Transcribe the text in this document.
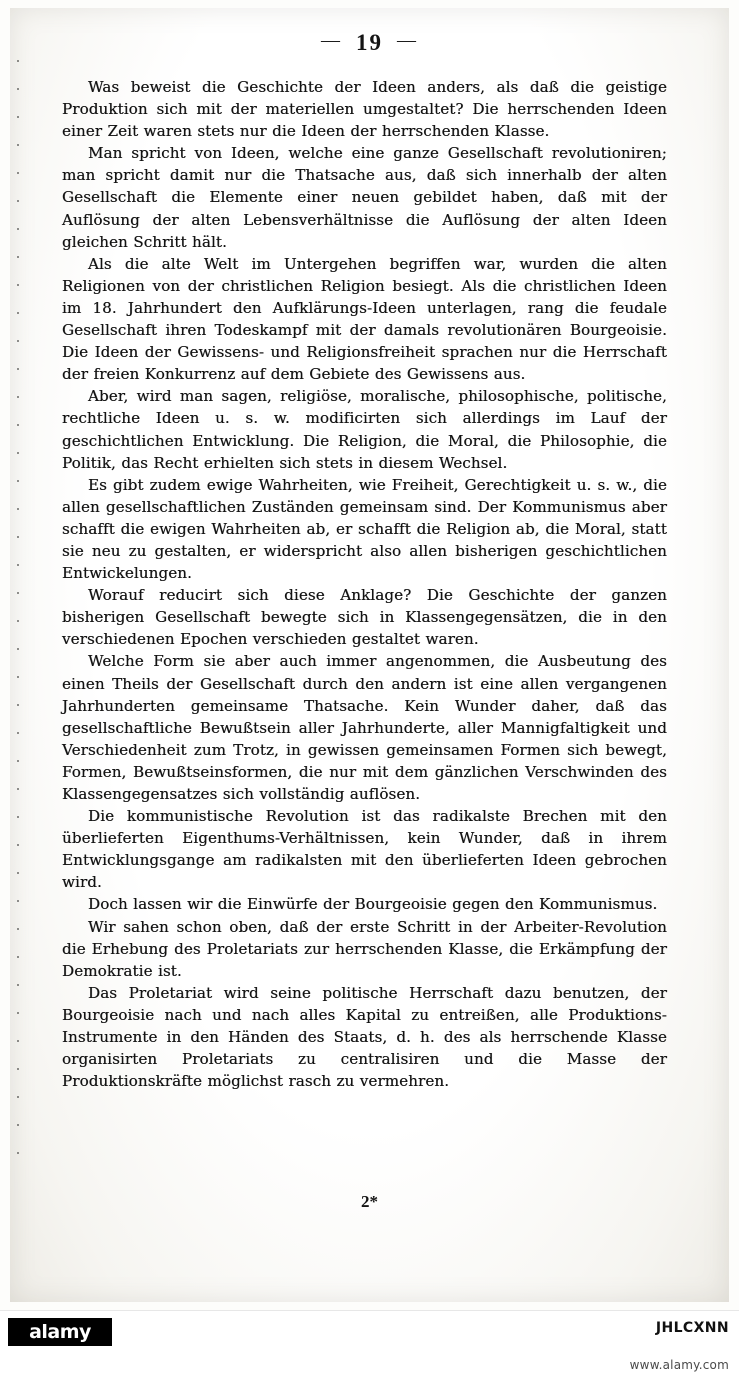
— 19 —

Was beweist die Geschichte der Ideen anders, als daß die geistige Produktion sich mit der materiellen umgestaltet? Die herrschenden Ideen einer Zeit waren stets nur die Ideen der herrschenden Klasse.

Man spricht von Ideen, welche eine ganze Gesellschaft revolutioniren; man spricht damit nur die Thatsache aus, daß sich innerhalb der alten Gesellschaft die Elemente einer neuen gebildet haben, daß mit der Auflösung der alten Lebensverhältnisse die Auflösung der alten Ideen gleichen Schritt hält.

Als die alte Welt im Untergehen begriffen war, wurden die alten Religionen von der christlichen Religion besiegt. Als die christlichen Ideen im 18. Jahrhundert den Aufklärungs-Ideen unterlagen, rang die feudale Gesellschaft ihren Todeskampf mit der damals revolutionären Bourgeoisie. Die Ideen der Gewissens- und Religionsfreiheit sprachen nur die Herrschaft der freien Konkurrenz auf dem Gebiete des Gewissens aus.

Aber, wird man sagen, religiöse, moralische, philosophische, politische, rechtliche Ideen u. s. w. modificirten sich allerdings im Lauf der geschichtlichen Entwicklung. Die Religion, die Moral, die Philosophie, die Politik, das Recht erhielten sich stets in diesem Wechsel.

Es gibt zudem ewige Wahrheiten, wie Freiheit, Gerechtigkeit u. s. w., die allen gesellschaftlichen Zuständen gemeinsam sind. Der Kommunismus aber schafft die ewigen Wahrheiten ab, er schafft die Religion ab, die Moral, statt sie neu zu gestalten, er widerspricht also allen bisherigen geschichtlichen Entwickelungen.

Worauf reducirt sich diese Anklage? Die Geschichte der ganzen bisherigen Gesellschaft bewegte sich in Klassengegensätzen, die in den verschiedenen Epochen verschieden gestaltet waren.

Welche Form sie aber auch immer angenommen, die Ausbeutung des einen Theils der Gesellschaft durch den andern ist eine allen vergangenen Jahrhunderten gemeinsame Thatsache. Kein Wunder daher, daß das gesellschaftliche Bewußtsein aller Jahrhunderte, aller Mannigfaltigkeit und Verschiedenheit zum Trotz, in gewissen gemeinsamen Formen sich bewegt, Formen, Bewußtseinsformen, die nur mit dem gänzlichen Verschwinden des Klassengegensatzes sich vollständig auflösen.

Die kommunistische Revolution ist das radikalste Brechen mit den überlieferten Eigenthums-Verhältnissen, kein Wunder, daß in ihrem Entwicklungsgange am radikalsten mit den überlieferten Ideen gebrochen wird.

Doch lassen wir die Einwürfe der Bourgeoisie gegen den Kommunismus.

Wir sahen schon oben, daß der erste Schritt in der Arbeiter-Revolution die Erhebung des Proletariats zur herrschenden Klasse, die Erkämpfung der Demokratie ist.

Das Proletariat wird seine politische Herrschaft dazu benutzen, der Bourgeoisie nach und nach alles Kapital zu entreißen, alle Produktions-Instrumente in den Händen des Staats, d. h. des als herrschende Klasse organisirten Proletariats zu centralisiren und die Masse der Produktionskräfte möglichst rasch zu vermehren.

2*
alamy	JHLCXNN
www.alamy.com
